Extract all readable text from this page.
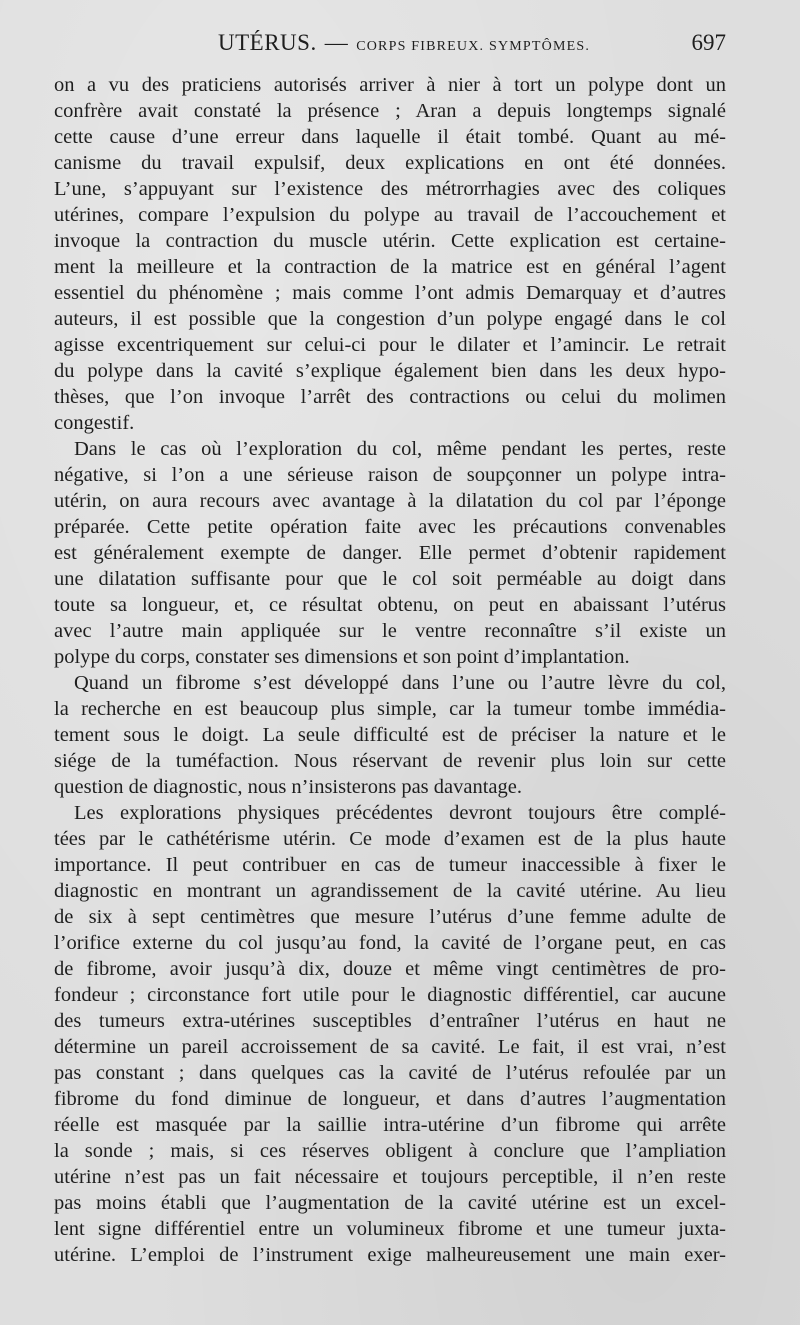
UTÉRUS. — CORPS FIBREUX. SYMPTÔMES.	697
on a vu des praticiens autorisés arriver à nier à tort un polype dont un
confrère avait constaté la présence ; Aran a depuis longtemps signalé
cette cause d’une erreur dans laquelle il était tombé. Quant au mé-
canisme du travail expulsif, deux explications en ont été données.
L’une, s’appuyant sur l’existence des métrorrhagies avec des coliques
utérines, compare l’expulsion du polype au travail de l’accouchement et
invoque la contraction du muscle utérin. Cette explication est certaine-
ment la meilleure et la contraction de la matrice est en général l’agent
essentiel du phénomène ; mais comme l’ont admis Demarquay et d’autres
auteurs, il est possible que la congestion d’un polype engagé dans le col
agisse excentriquement sur celui-ci pour le dilater et l’amincir. Le retrait
du polype dans la cavité s’explique également bien dans les deux hypo-
thèses, que l’on invoque l’arrêt des contractions ou celui du molimen
congestif.
Dans le cas où l’exploration du col, même pendant les pertes, reste
négative, si l’on a une sérieuse raison de soupçonner un polype intra-
utérin, on aura recours avec avantage à la dilatation du col par l’éponge
préparée. Cette petite opération faite avec les précautions convenables
est généralement exempte de danger. Elle permet d’obtenir rapidement
une dilatation suffisante pour que le col soit perméable au doigt dans
toute sa longueur, et, ce résultat obtenu, on peut en abaissant l’utérus
avec l’autre main appliquée sur le ventre reconnaître s’il existe un
polype du corps, constater ses dimensions et son point d’implantation.
Quand un fibrome s’est développé dans l’une ou l’autre lèvre du col,
la recherche en est beaucoup plus simple, car la tumeur tombe immédia-
tement sous le doigt. La seule difficulté est de préciser la nature et le
siége de la tuméfaction. Nous réservant de revenir plus loin sur cette
question de diagnostic, nous n’insisterons pas davantage.
Les explorations physiques précédentes devront toujours être complé-
tées par le cathétérisme utérin. Ce mode d’examen est de la plus haute
importance. Il peut contribuer en cas de tumeur inaccessible à fixer le
diagnostic en montrant un agrandissement de la cavité utérine. Au lieu
de six à sept centimètres que mesure l’utérus d’une femme adulte de
l’orifice externe du col jusqu’au fond, la cavité de l’organe peut, en cas
de fibrome, avoir jusqu’à dix, douze et même vingt centimètres de pro-
fondeur ; circonstance fort utile pour le diagnostic différentiel, car aucune
des tumeurs extra-utérines susceptibles d’entraîner l’utérus en haut ne
détermine un pareil accroissement de sa cavité. Le fait, il est vrai, n’est
pas constant ; dans quelques cas la cavité de l’utérus refoulée par un
fibrome du fond diminue de longueur, et dans d’autres l’augmentation
réelle est masquée par la saillie intra-utérine d’un fibrome qui arrête
la sonde ; mais, si ces réserves obligent à conclure que l’ampliation
utérine n’est pas un fait nécessaire et toujours perceptible, il n’en reste
pas moins établi que l’augmentation de la cavité utérine est un excel-
lent signe différentiel entre un volumineux fibrome et une tumeur juxta-
utérine. L’emploi de l’instrument exige malheureusement une main exer-
